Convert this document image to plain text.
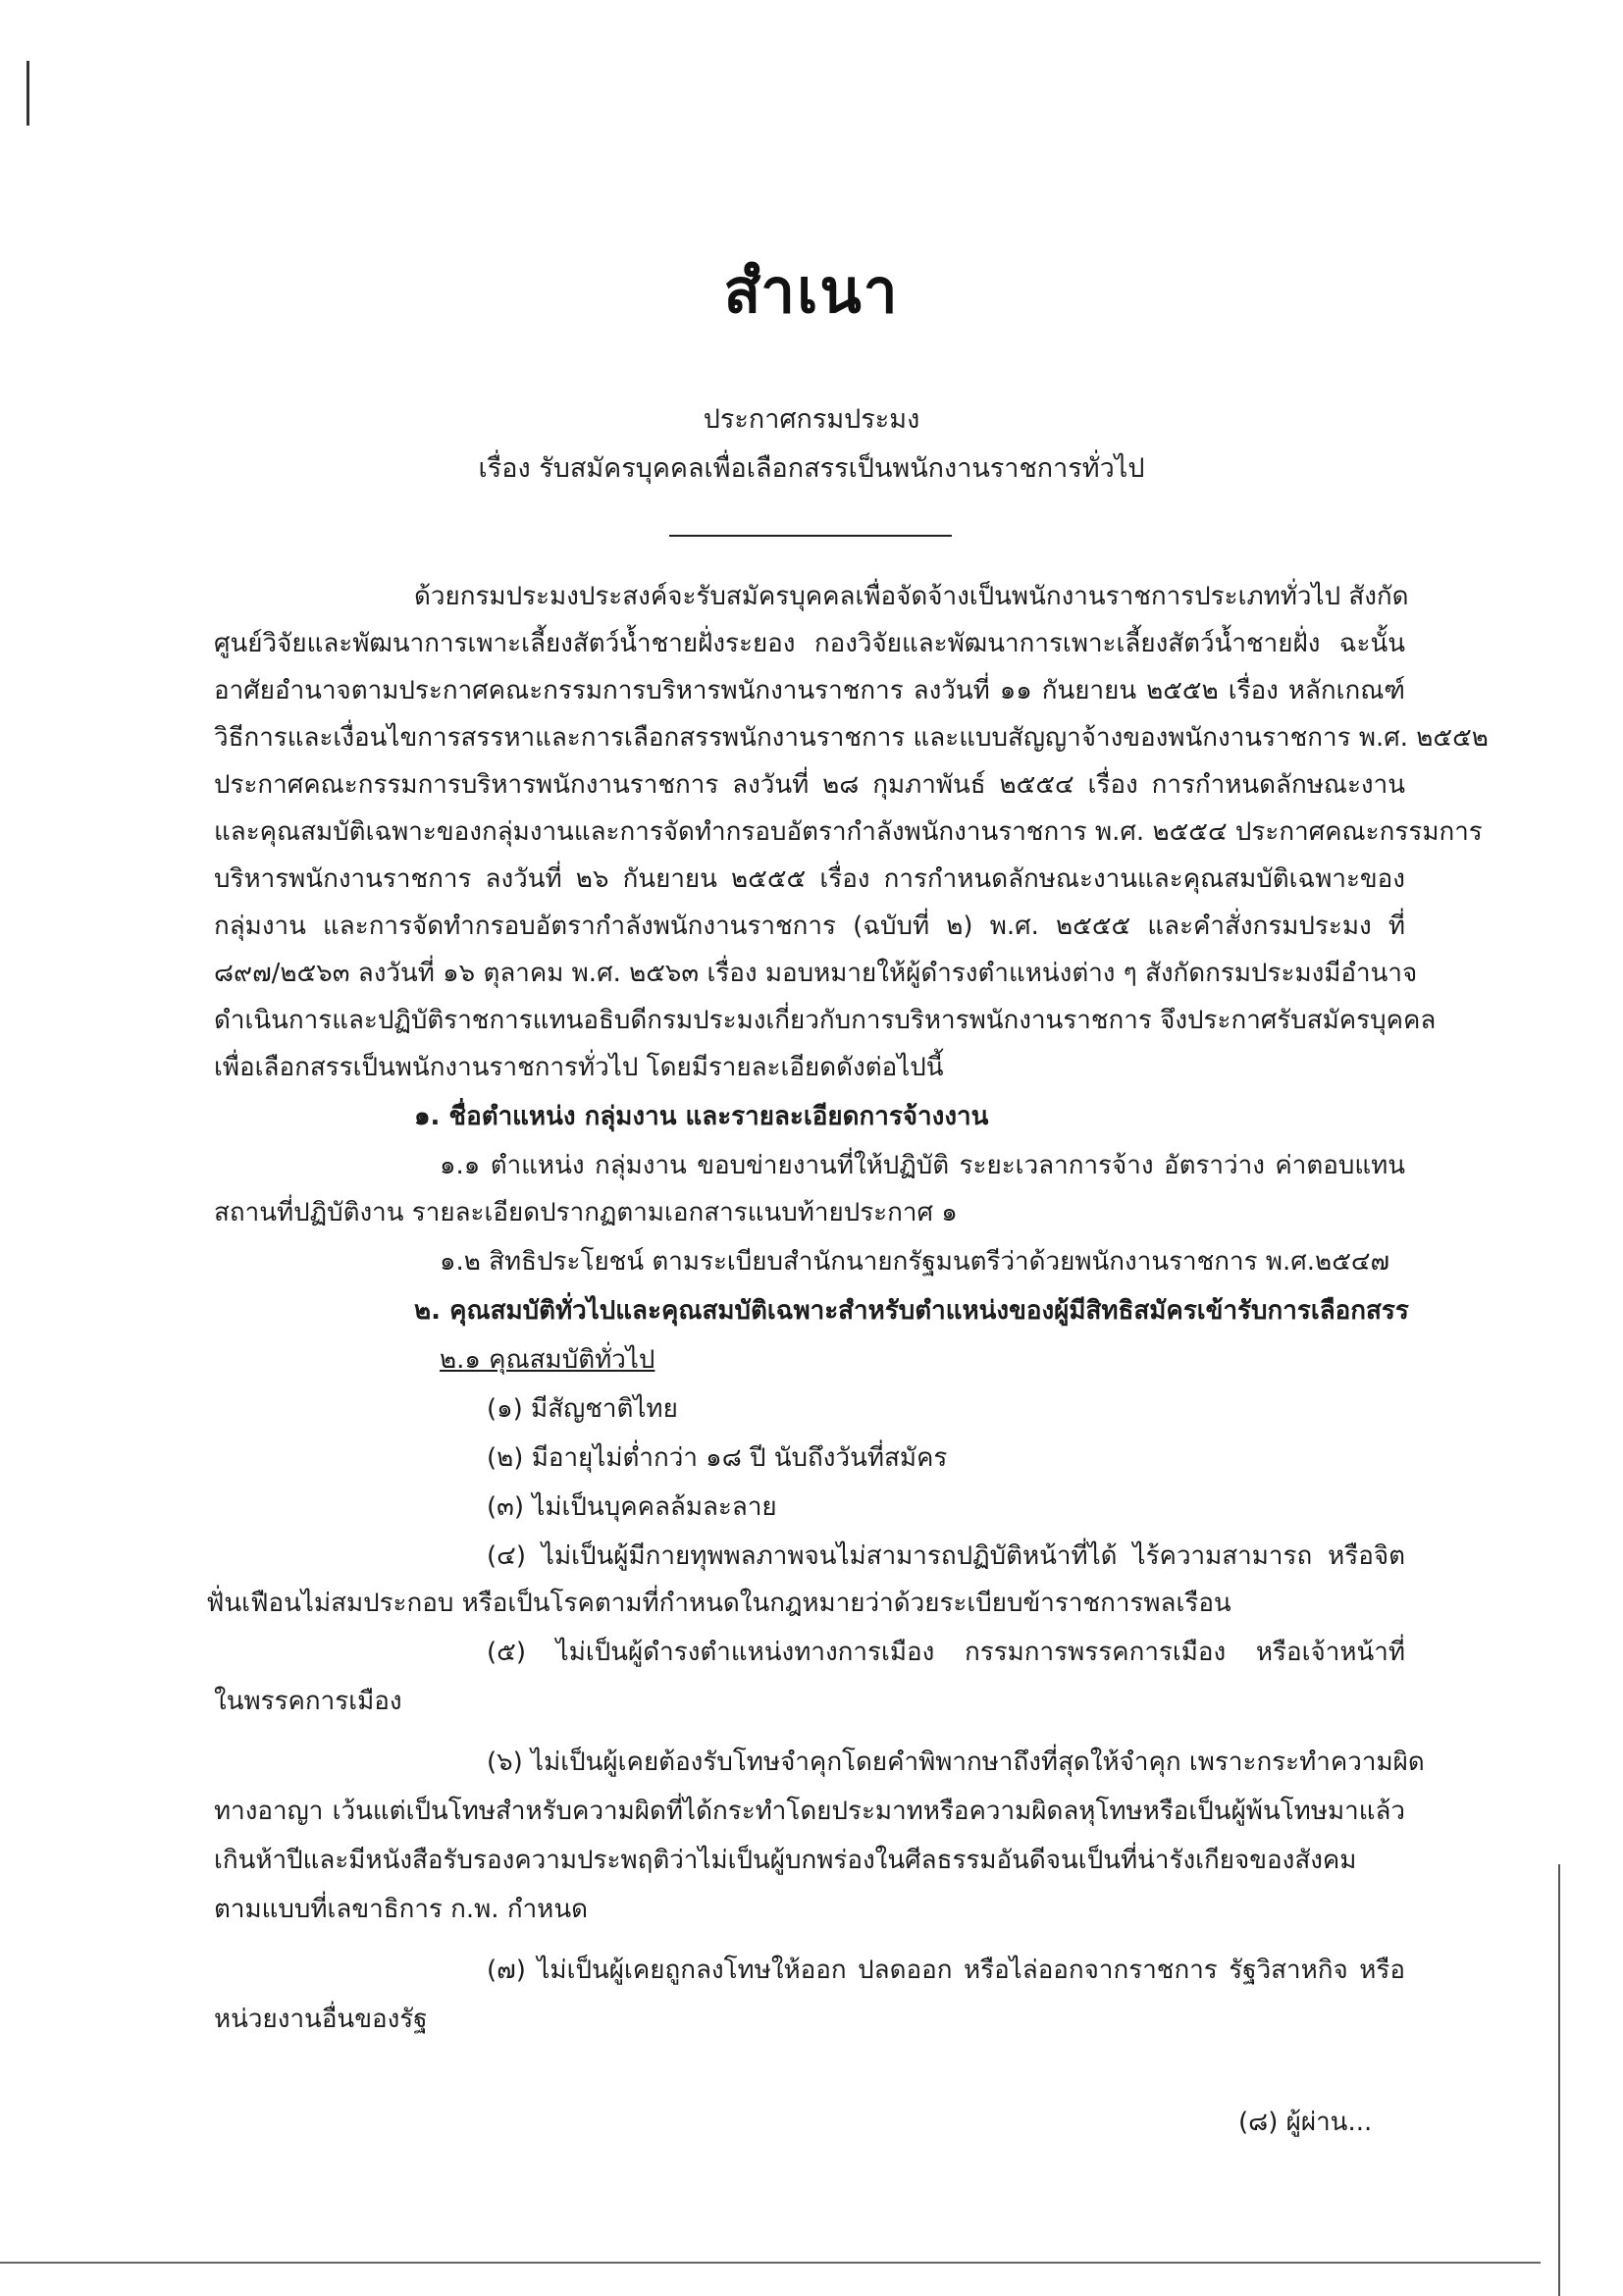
สำเนา
ประกาศกรมประมง
เรื่อง รับสมัครบุคคลเพื่อเลือกสรรเป็นพนักงานราชการทั่วไป
ด้วยกรมประมงประสงค์จะรับสมัครบุคคลเพื่อจัดจ้างเป็นพนักงานราชการประเภททั่วไป สังกัด
ศูนย์วิจัยและพัฒนาการเพาะเลี้ยงสัตว์น้ำชายฝั่งระยอง กองวิจัยและพัฒนาการเพาะเลี้ยงสัตว์น้ำชายฝั่ง ฉะนั้น
อาศัยอำนาจตามประกาศคณะกรรมการบริหารพนักงานราชการ ลงวันที่ ๑๑ กันยายน ๒๕๕๒ เรื่อง หลักเกณฑ์
วิธีการและเงื่อนไขการสรรหาและการเลือกสรรพนักงานราชการ และแบบสัญญาจ้างของพนักงานราชการ พ.ศ. ๒๕๕๒
ประกาศคณะกรรมการบริหารพนักงานราชการ ลงวันที่ ๒๘ กุมภาพันธ์ ๒๕๕๔ เรื่อง การกำหนดลักษณะงาน
และคุณสมบัติเฉพาะของกลุ่มงานและการจัดทำกรอบอัตรากำลังพนักงานราชการ พ.ศ. ๒๕๕๔ ประกาศคณะกรรมการ
บริหารพนักงานราชการ ลงวันที่ ๒๖ กันยายน ๒๕๕๕ เรื่อง การกำหนดลักษณะงานและคุณสมบัติเฉพาะของ
กลุ่มงาน และการจัดทำกรอบอัตรากำลังพนักงานราชการ (ฉบับที่ ๒) พ.ศ. ๒๕๕๕ และคำสั่งกรมประมง ที่
๘๙๗/๒๕๖๓ ลงวันที่ ๑๖ ตุลาคม พ.ศ. ๒๕๖๓ เรื่อง มอบหมายให้ผู้ดำรงตำแหน่งต่าง ๆ สังกัดกรมประมงมีอำนาจ
ดำเนินการและปฏิบัติราชการแทนอธิบดีกรมประมงเกี่ยวกับการบริหารพนักงานราชการ จึงประกาศรับสมัครบุคคล
เพื่อเลือกสรรเป็นพนักงานราชการทั่วไป โดยมีรายละเอียดดังต่อไปนี้
๑. ชื่อตำแหน่ง กลุ่มงาน และรายละเอียดการจ้างงาน
๑.๑ ตำแหน่ง กลุ่มงาน ขอบข่ายงานที่ให้ปฏิบัติ ระยะเวลาการจ้าง อัตราว่าง ค่าตอบแทน
สถานที่ปฏิบัติงาน รายละเอียดปรากฏตามเอกสารแนบท้ายประกาศ ๑
๑.๒ สิทธิประโยชน์ ตามระเบียบสำนักนายกรัฐมนตรีว่าด้วยพนักงานราชการ พ.ศ.๒๕๔๗
๒. คุณสมบัติทั่วไปและคุณสมบัติเฉพาะสำหรับตำแหน่งของผู้มีสิทธิสมัครเข้ารับการเลือกสรร
๒.๑ คุณสมบัติทั่วไป
(๑) มีสัญชาติไทย
(๒) มีอายุไม่ต่ำกว่า ๑๘ ปี นับถึงวันที่สมัคร
(๓) ไม่เป็นบุคคลล้มละลาย
(๔) ไม่เป็นผู้มีกายทุพพลภาพจนไม่สามารถปฏิบัติหน้าที่ได้ ไร้ความสามารถ หรือจิต
ฟั่นเฟือนไม่สมประกอบ หรือเป็นโรคตามที่กำหนดในกฎหมายว่าด้วยระเบียบข้าราชการพลเรือน
(๕) ไม่เป็นผู้ดำรงตำแหน่งทางการเมือง กรรมการพรรคการเมือง หรือเจ้าหน้าที่
ในพรรคการเมือง
(๖) ไม่เป็นผู้เคยต้องรับโทษจำคุกโดยคำพิพากษาถึงที่สุดให้จำคุก เพราะกระทำความผิด
ทางอาญา เว้นแต่เป็นโทษสำหรับความผิดที่ได้กระทำโดยประมาทหรือความผิดลหุโทษหรือเป็นผู้พ้นโทษมาแล้ว
เกินห้าปีและมีหนังสือรับรองความประพฤติว่าไม่เป็นผู้บกพร่องในศีลธรรมอันดีจนเป็นที่น่ารังเกียจของสังคม
ตามแบบที่เลขาธิการ ก.พ. กำหนด
(๗) ไม่เป็นผู้เคยถูกลงโทษให้ออก ปลดออก หรือไล่ออกจากราชการ รัฐวิสาหกิจ หรือ
หน่วยงานอื่นของรัฐ
(๘) ผู้ผ่าน...
